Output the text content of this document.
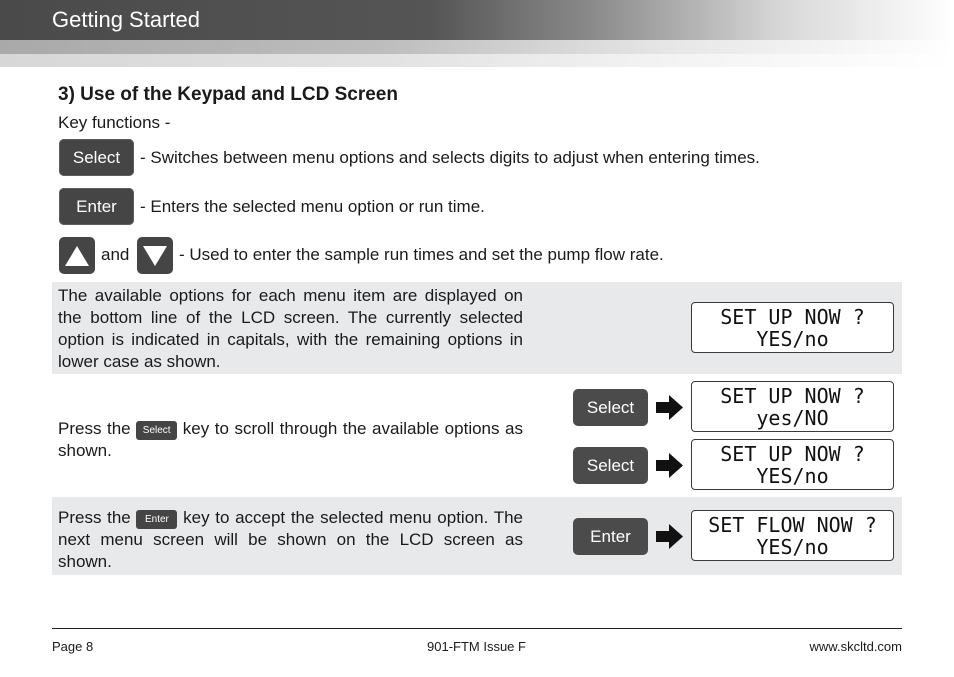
Getting Started
3) Use of the Keypad and LCD Screen
Key functions -
Select - Switches between menu options and selects digits to adjust when entering times.
Enter - Enters the selected menu option or run time.
and	- Used to enter the sample run times and set the pump flow rate.
The available options for each menu item are displayed on the bottom line of the LCD screen. The currently selected option is indicated in capitals, with the remaining options in lower case as shown.
SET UP NOW ?
YES/no
Press the Select key to scroll through the available options as shown.
Select	SET UP NOW ?
yes/NO
Select	SET UP NOW ?
YES/no
Press the Enter key to accept the selected menu option. The next menu screen will be shown on the LCD screen as shown.
Enter	SET FLOW NOW ?
YES/no
Page 8	901-FTM Issue F	www.skcltd.com
